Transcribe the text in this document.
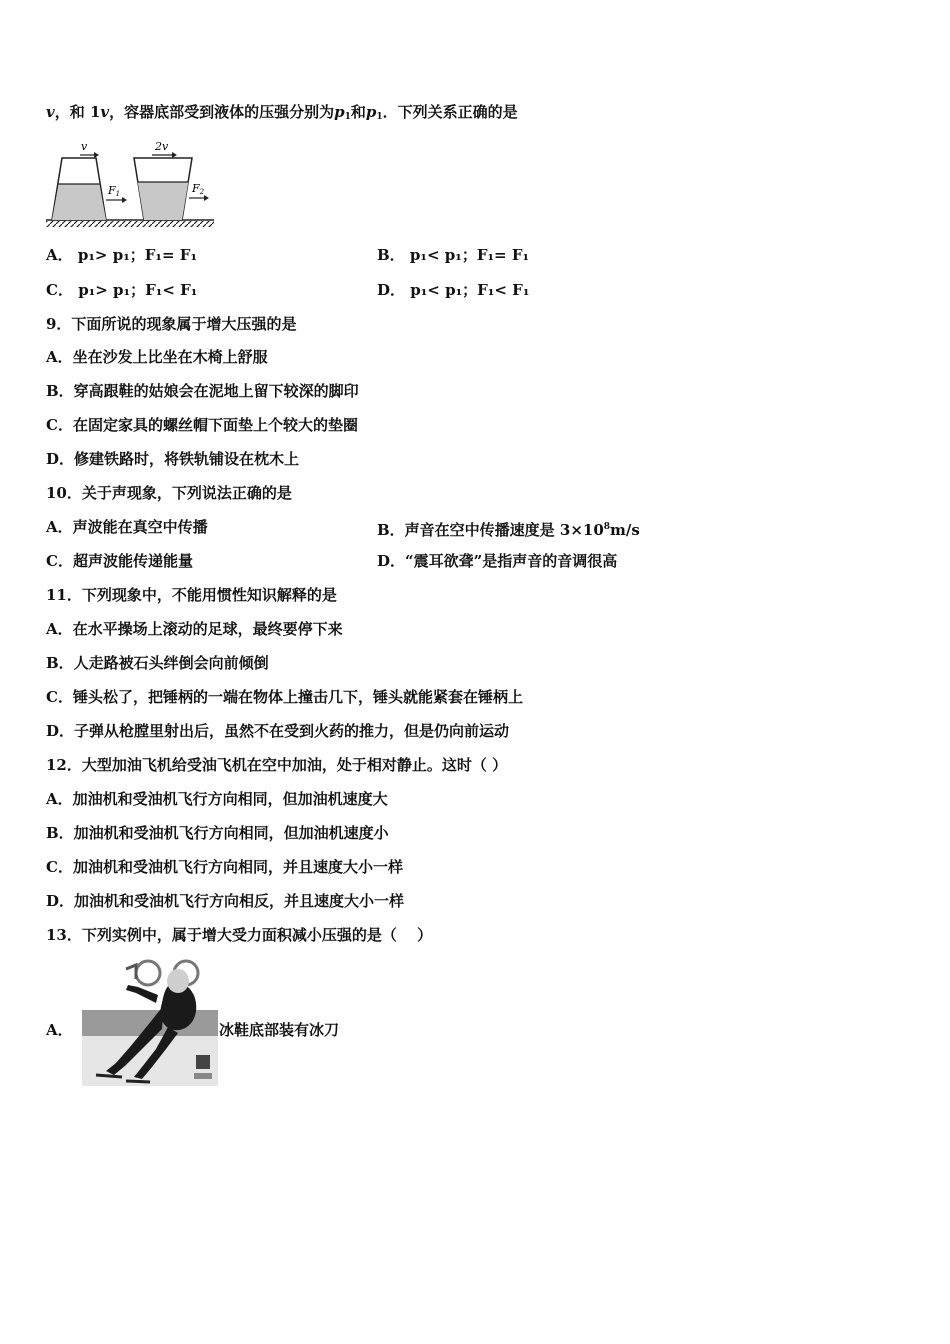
v，和 1v，容器底部受到液体的压强分别为$p_1$和$p_1$．下列关系正确的是
v	2v
F1	F2
A． p₁> p₁；F₁= F₁	B． p₁< p₁；F₁= F₁
C． p₁> p₁；F₁< F₁	D． p₁< p₁；F₁< F₁
9．下面所说的现象属于增大压强的是
A．坐在沙发上比坐在木椅上舒服
B．穿高跟鞋的姑娘会在泥地上留下较深的脚印
C．在固定家具的螺丝帽下面垫上个较大的垫圈
D．修建铁路时，将铁轨铺设在枕木上
10．关于声现象，下列说法正确的是
A．声波能在真空中传播	B．声音在空中传播速度是 $3\times 10^8m/s$
C．超声波能传递能量	D．“震耳欲聋”是指声音的音调很高
11．下列现象中，不能用惯性知识解释的是
A．在水平操场上滚动的足球，最终要停下来
B．人走路被石头绊倒会向前倾倒
C．锤头松了，把锤柄的一端在物体上撞击几下，锤头就能紧套在锤柄上
D．子弹从枪膛里射出后，虽然不在受到火药的推力，但是仍向前运动
12．大型加油飞机给受油飞机在空中加油，处于相对静止。这时（ ）
A．加油机和受油机飞行方向相同，但加油机速度大
B．加油机和受油机飞行方向相同，但加油机速度小
C．加油机和受油机飞行方向相同，并且速度大小一样
D．加油机和受油机飞行方向相反，并且速度大小一样
13．下列实例中，属于增大受力面积减小压强的是（　 ）
A．	冰鞋底部装有冰刀
